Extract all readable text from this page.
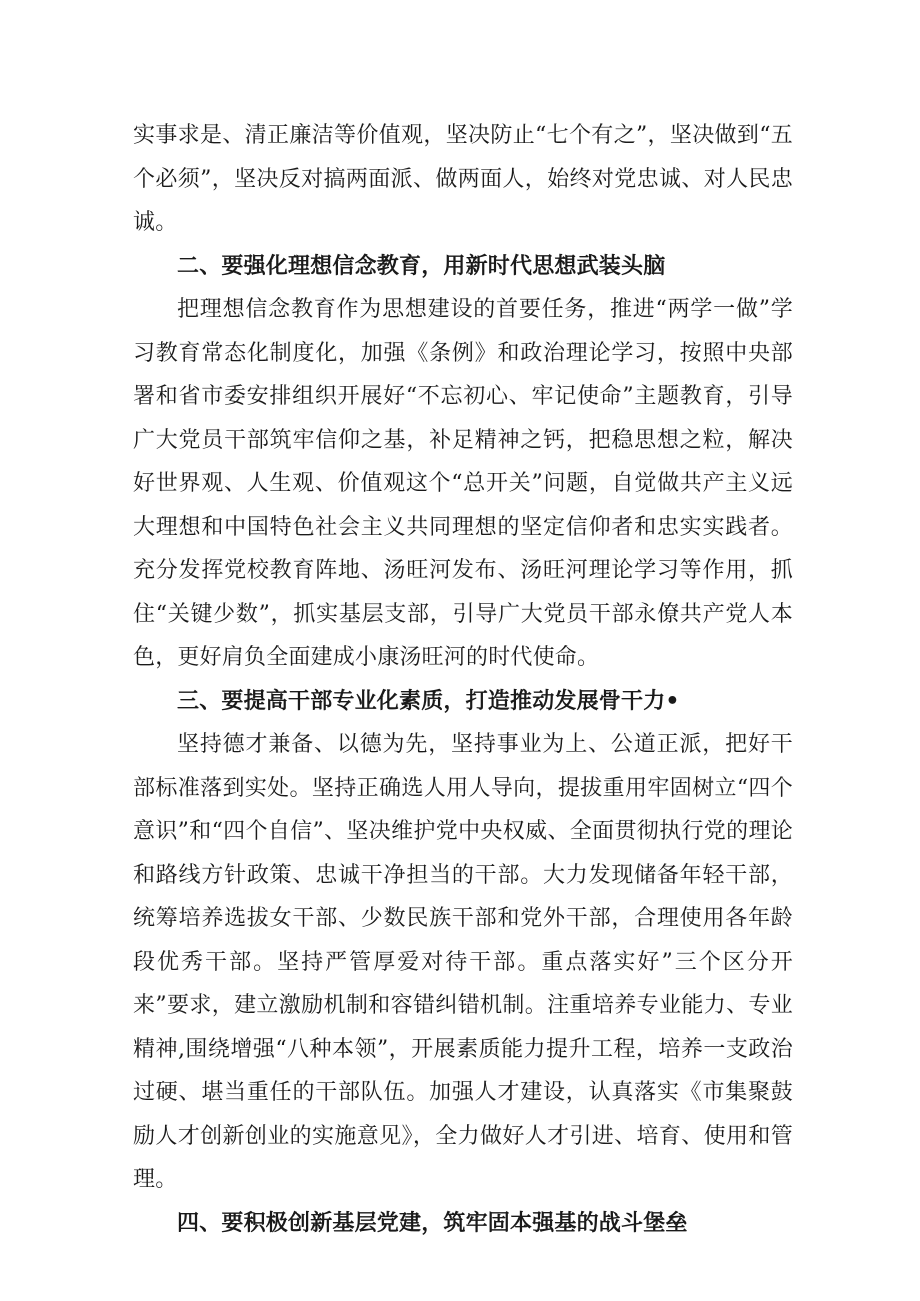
实事求是、清正廉洁等价值观，坚决防止“七个有之”，坚决做到“五个必须”，坚决反对搞两面派、做两面人，始终对党忠诚、对人民忠诚。

二、要强化理想信念教育，用新时代思想武装头脑

把理想信念教育作为思想建设的首要任务，推进“两学一做”学习教育常态化制度化，加强《条例》和政治理论学习，按照中央部署和省市委安排组织开展好“不忘初心、牢记使命”主题教育，引导广大党员干部筑牢信仰之基，补足精神之钙，把稳思想之粒，解决好世界观、人生观、价值观这个“总开关”问题，自觉做共产主义远大理想和中国特色社会主义共同理想的坚定信仰者和忠实实践者。充分发挥党校教育阵地、汤旺河发布、汤旺河理论学习等作用，抓住“关键少数”，抓实基层支部，引导广大党员干部永僚共产党人本色，更好肩负全面建成小康汤旺河的时代使命。

三、要提高干部专业化素质，打造推动发展骨干力•

坚持德才兼备、以德为先，坚持事业为上、公道正派，把好干部标准落到实处。坚持正确选人用人导向，提拔重用牢固树立“四个意识”和“四个自信”、坚决维护党中央权威、全面贯彻执行党的理论和路线方针政策、忠诚干净担当的干部。大力发现储备年轻干部，统筹培养选拔女干部、少数民族干部和党外干部，合理使用各年龄段优秀干部。坚持严管厚爱对待干部。重点落实好”三个区分开来”要求，建立激励机制和容错纠错机制。注重培养专业能力、专业精神,围绕增强“八种本领”，开展素质能力提升工程，培养一支政治过硬、堪当重任的干部队伍。加强人才建设，认真落实《市集聚鼓励人才创新创业的实施意见》，全力做好人才引进、培育、使用和管理。

四、要积极创新基层党建，筑牢固本强基的战斗堡垒
